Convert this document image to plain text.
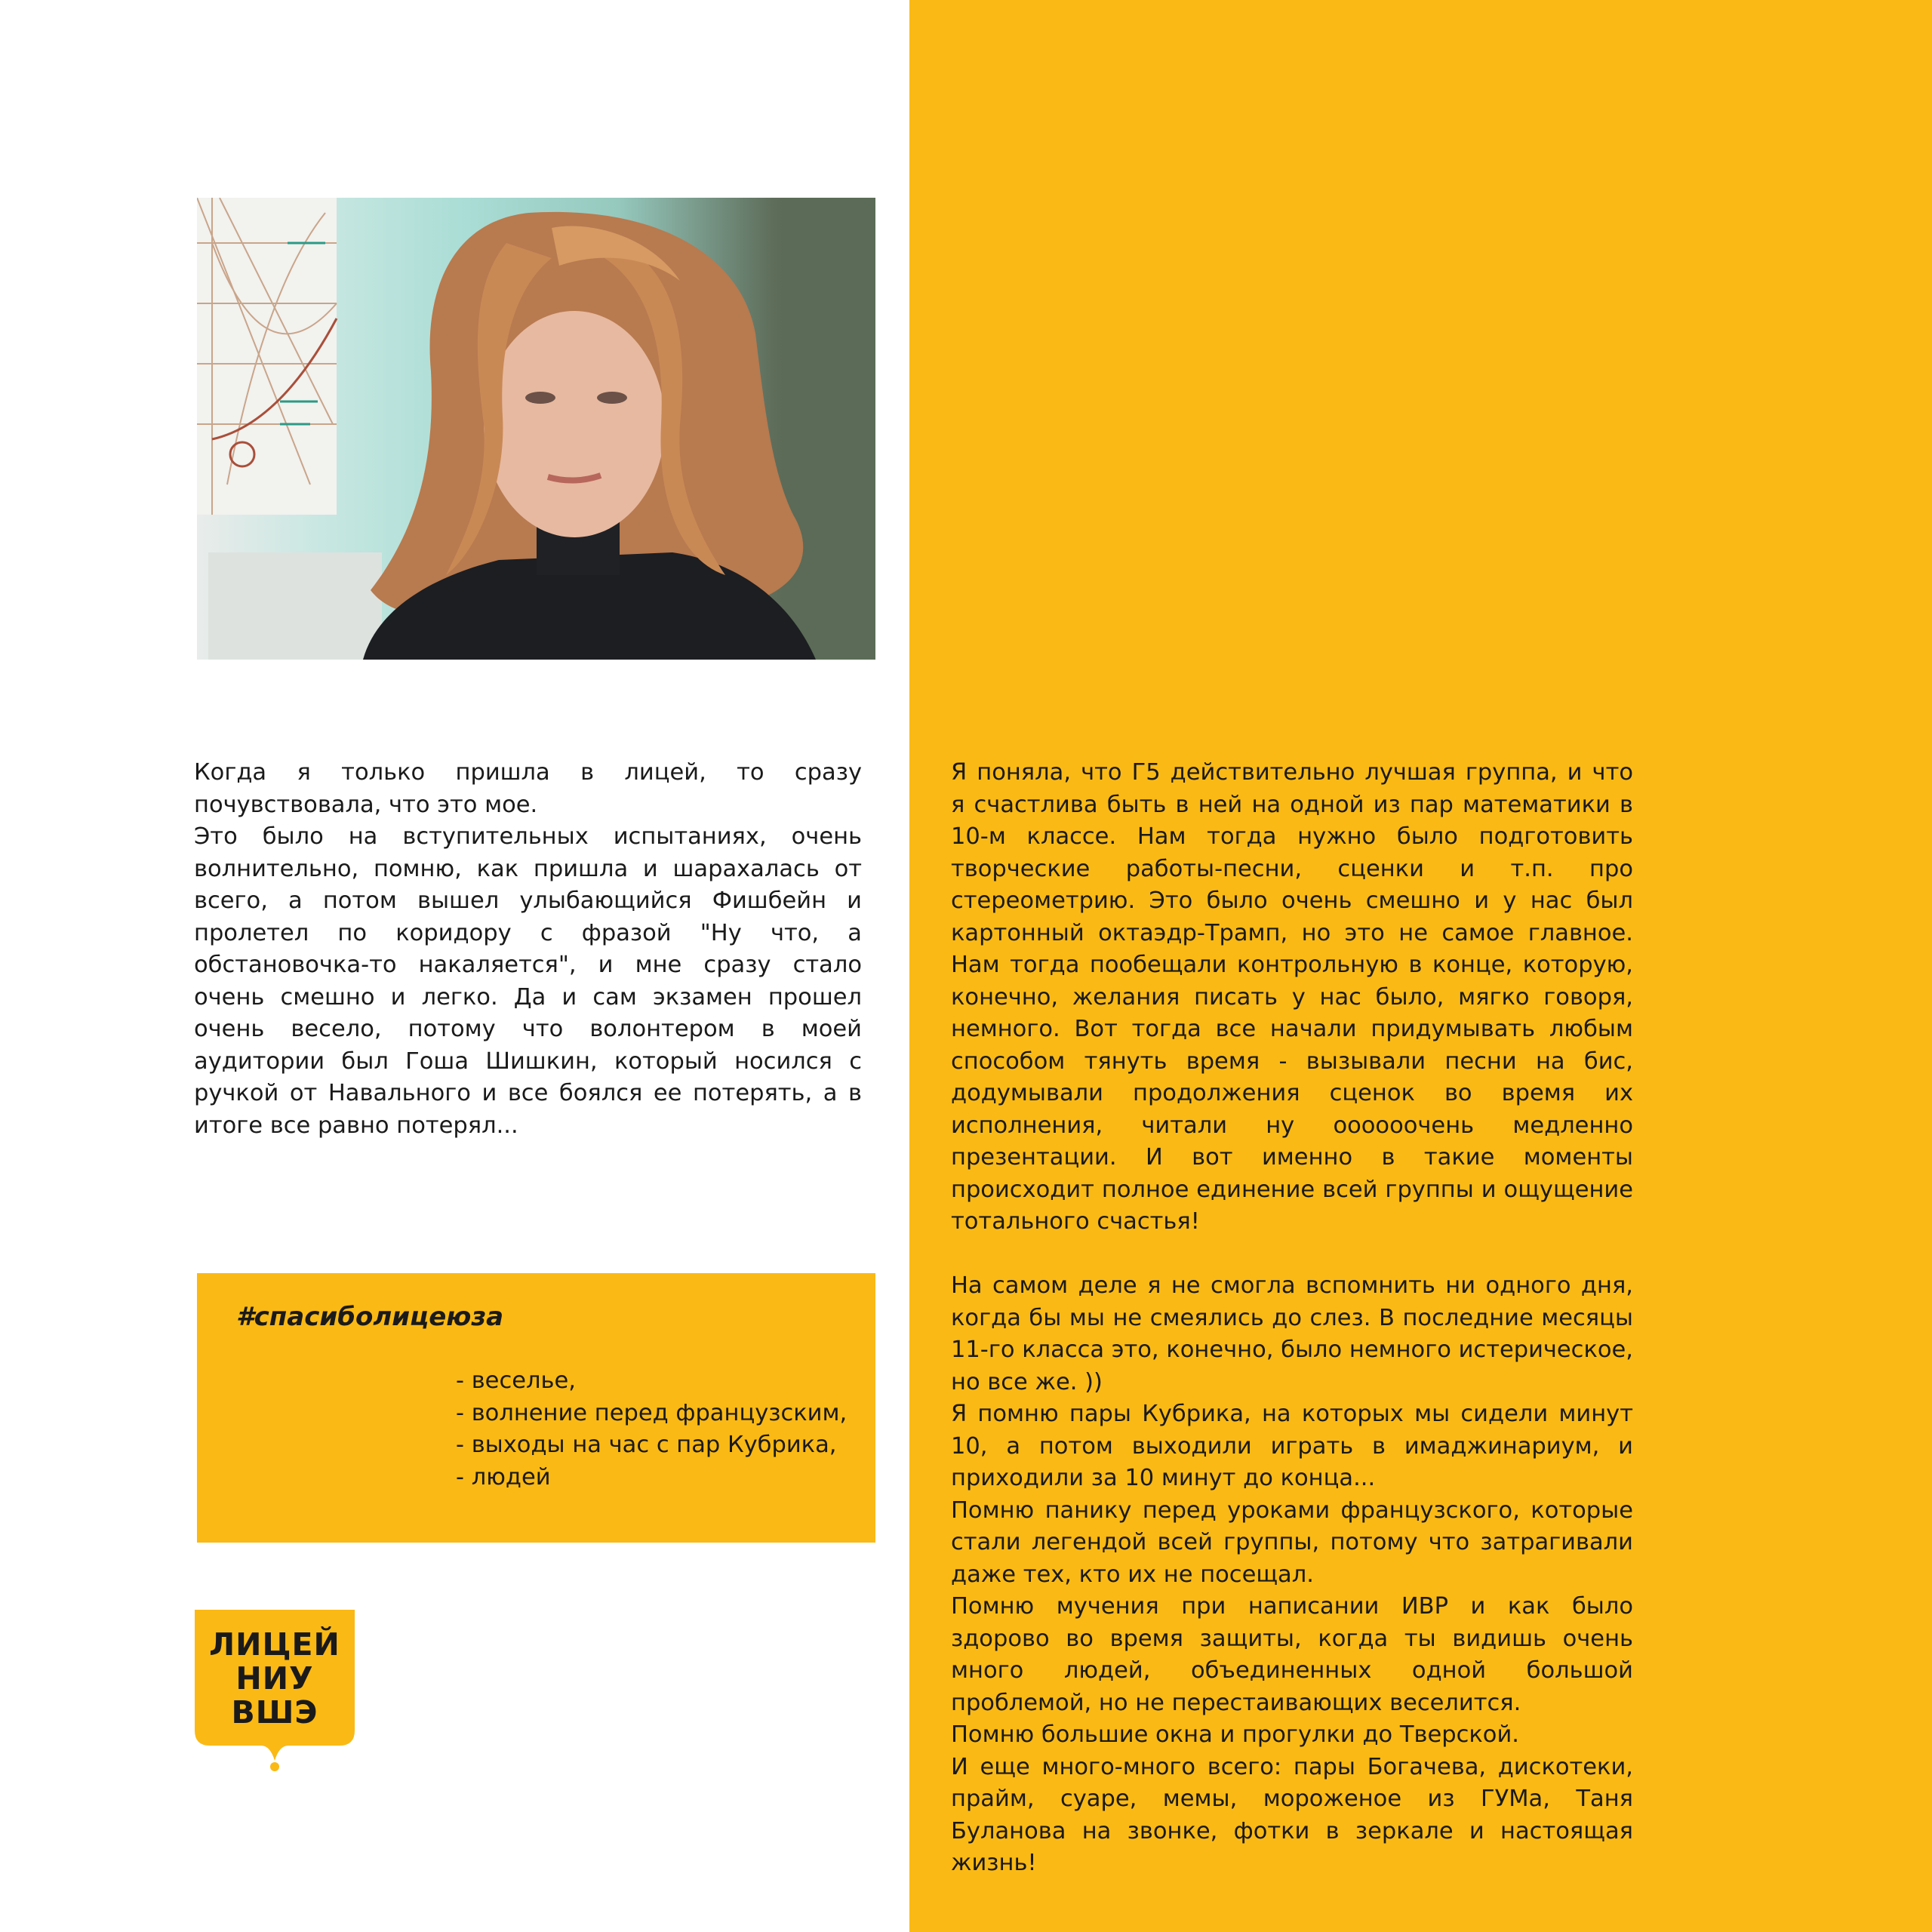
Когда я только пришла в лицей, то сразу почувствовала, что это мое.
Это было на вступительных испытаниях, очень волнительно, помню, как пришла и шарахалась от всего, а потом вышел улыбающийся Фишбейн и пролетел по коридору с фразой "Ну что, а обстановочка-то накаляется", и мне сразу стало очень смешно и легко. Да и сам экзамен прошел очень весело, потому что волонтером в моей аудитории был Гоша Шишкин, который носился с ручкой от Навального и все боялся ее потерять, а в итоге все равно потерял...
#спасиболицеюза
- веселье,
- волнение перед французским,
- выходы на час с пар Кубрика,
- людей
ЛИЦЕЙ
НИУ
ВШЭ
Я поняла, что Г5 действительно лучшая группа, и что я счастлива быть в ней на одной из пар математики в 10-м классе. Нам тогда нужно было подготовить творческие работы-песни, сценки и т.п. про стереометрию. Это было очень смешно и у нас был картонный октаэдр-Трамп, но это не самое главное. Нам тогда пообещали контрольную в конце, которую, конечно, желания писать у нас было, мягко говоря, немного. Вот тогда все начали придумывать любым способом тянуть время - вызывали песни на бис, додумывали продолжения сценок во время их исполнения, читали ну оооооочень медленно презентации. И вот именно в такие моменты происходит полное единение всей группы и ощущение тотального счастья!

На самом деле я не смогла вспомнить ни одного дня, когда бы мы не смеялись до слез. В последние месяцы 11-го класса это, конечно, было немного истерическое, но все же. ))
Я помню пары Кубрика, на которых мы сидели минут 10, а потом выходили играть в имаджинариум, и приходили за 10 минут до конца...
Помню панику перед уроками французского, которые стали легендой всей группы, потому что затрагивали даже тех, кто их не посещал.
Помню мучения при написании ИВР и как было здорово во время защиты, когда ты видишь очень много людей, объединенных одной большой проблемой, но не перестаивающих веселится.
Помню большие окна и прогулки до Тверской.
И еще много-много всего: пары Богачева, дискотеки, прайм, суаре, мемы, мороженое из ГУМа, Таня Буланова на звонке, фотки в зеркале и настоящая жизнь!
